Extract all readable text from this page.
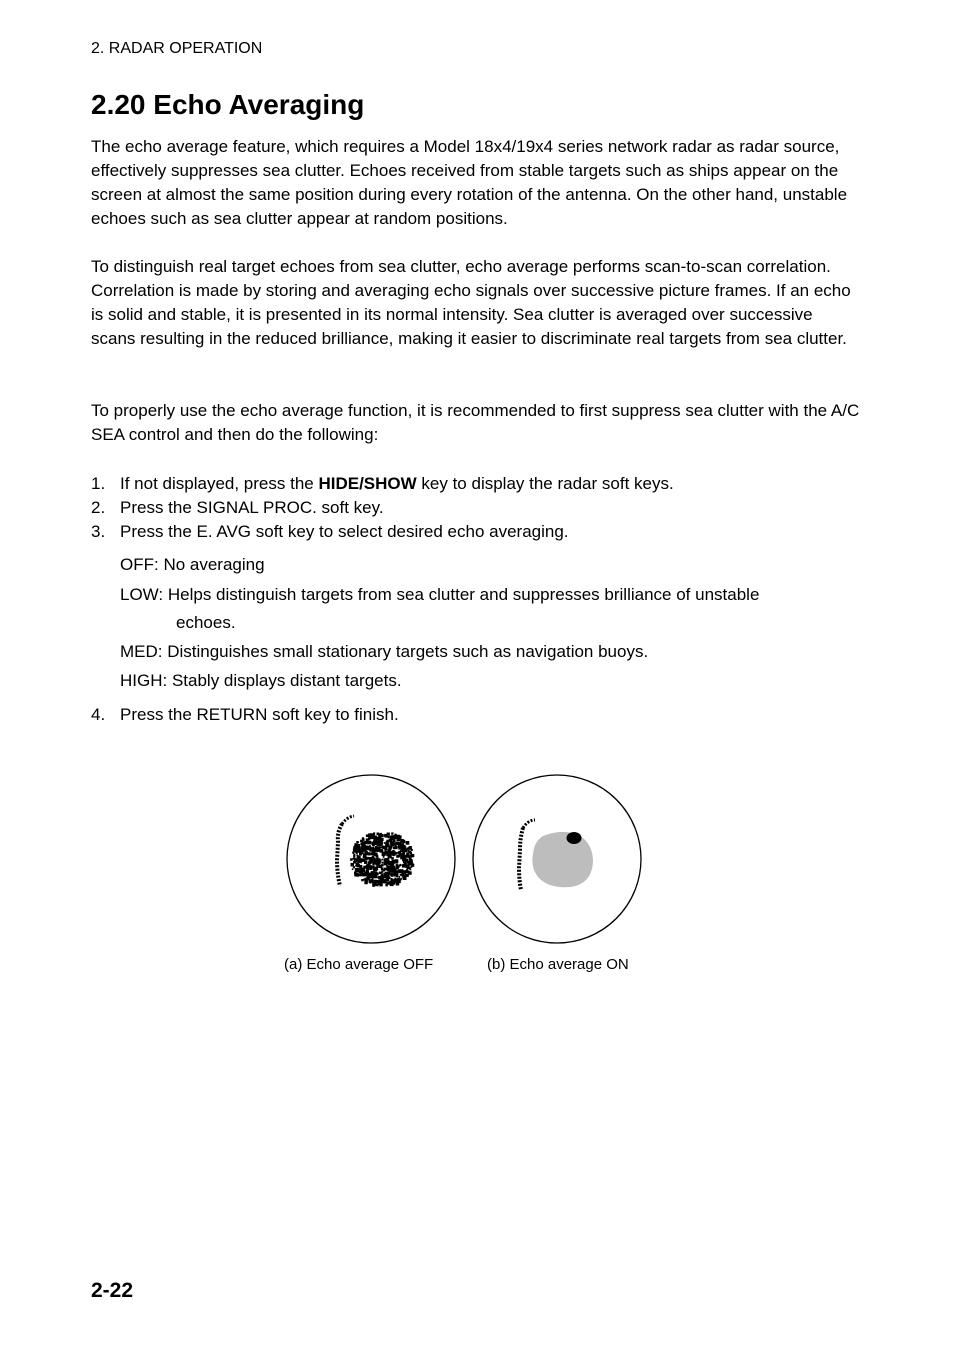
2. RADAR OPERATION
2.20 Echo Averaging

The echo average feature, which requires a Model 18x4/19x4 series network radar as radar source, effectively suppresses sea clutter. Echoes received from stable targets such as ships appear on the screen at almost the same position during every rotation of the antenna. On the other hand, unstable echoes such as sea clutter appear at random positions.

To distinguish real target echoes from sea clutter, echo average performs scan-to-scan correlation. Correlation is made by storing and averaging echo signals over successive picture frames. If an echo is solid and stable, it is presented in its normal intensity. Sea clutter is averaged over successive scans resulting in the reduced brilliance, making it easier to discriminate real targets from sea clutter.

To properly use the echo average function, it is recommended to first suppress sea clutter with the A/C SEA control and then do the following:

1. If not displayed, press the HIDE/SHOW key to display the radar soft keys.
2. Press the SIGNAL PROC. soft key.
3. Press the E. AVG soft key to select desired echo averaging.
OFF: No averaging
LOW: Helps distinguish targets from sea clutter and suppresses brilliance of unstable
echoes.
MED: Distinguishes small stationary targets such as navigation buoys.
HIGH: Stably displays distant targets.
4. Press the RETURN soft key to finish.
(a) Echo average OFF	(b) Echo average ON
2-22
